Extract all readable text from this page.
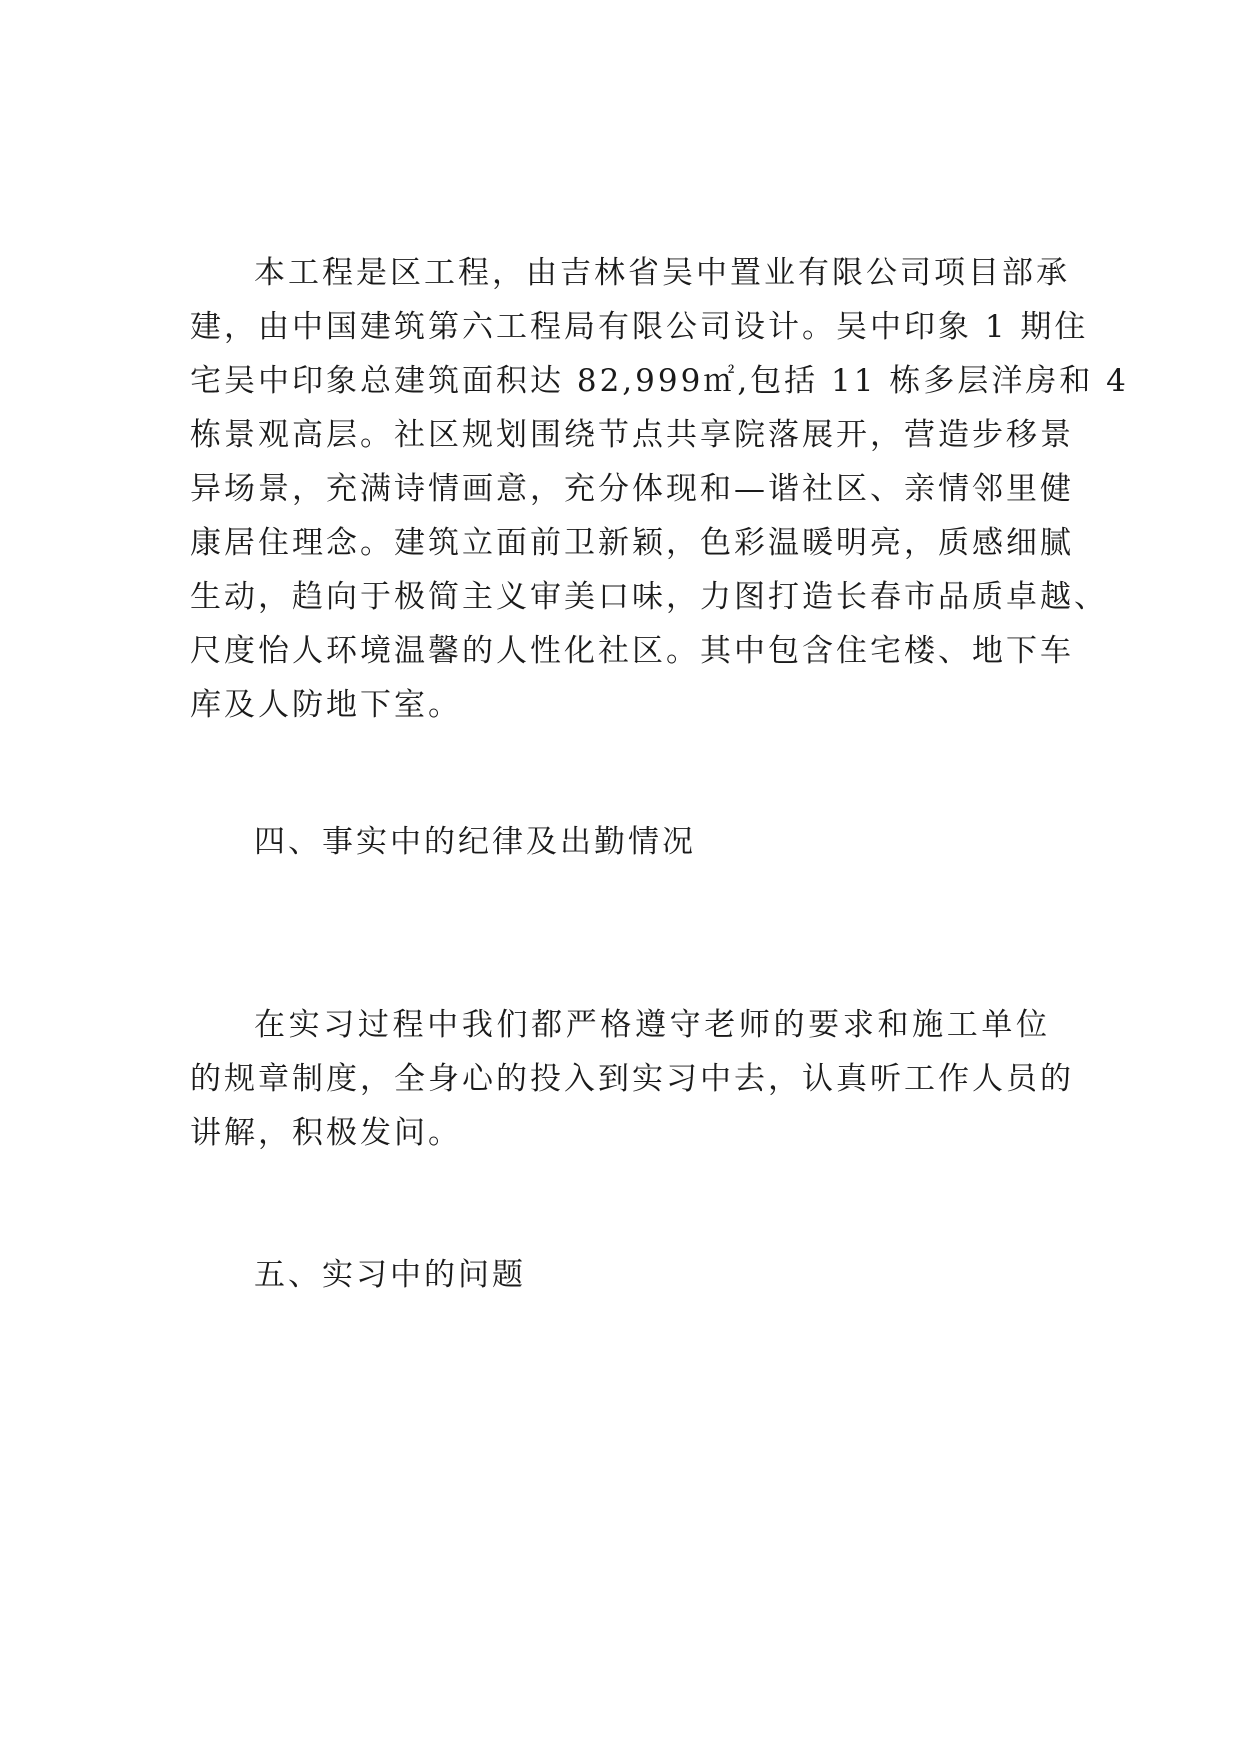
本工程是区工程，由吉林省吴中置业有限公司项目部承
建，由中国建筑第六工程局有限公司设计。吴中印象 1 期住
宅吴中印象总建筑面积达 82,999㎡,包括 11 栋多层洋房和 4
栋景观高层。社区规划围绕节点共享院落展开，营造步移景
异场景，充满诗情画意，充分体现和—谐社区、亲情邻里健
康居住理念。建筑立面前卫新颖，色彩温暖明亮，质感细腻
生动，趋向于极简主义审美口味，力图打造长春市品质卓越、
尺度怡人环境温馨的人性化社区。其中包含住宅楼、地下车
库及人防地下室。
四、事实中的纪律及出勤情况
在实习过程中我们都严格遵守老师的要求和施工单位
的规章制度，全身心的投入到实习中去，认真听工作人员的
讲解，积极发问。
五、实习中的问题
